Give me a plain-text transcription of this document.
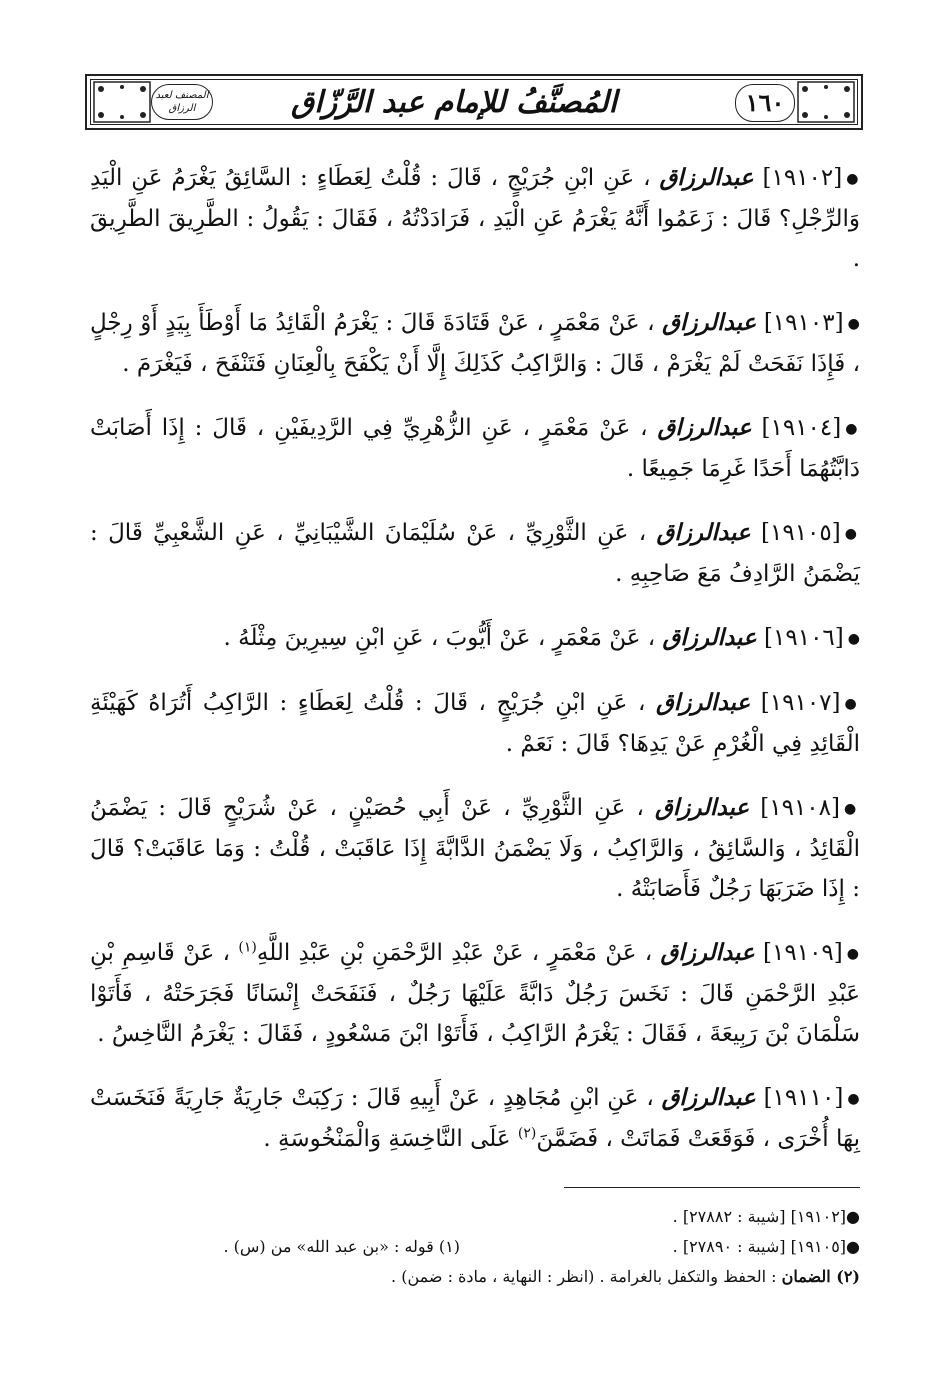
المصنف لعبد الرزاق	المُصنَّفُ للإمام عبد الرَّزّاق	١٦٠
●[١٩١٠٢] عبدالرزاق ، عَنِ ابْنِ جُرَيْجٍ ، قَالَ : قُلْتُ لِعَطَاءٍ : السَّائِقُ يَغْرَمُ عَنِ الْيَدِ وَالرِّجْلِ؟ قَالَ : زَعَمُوا أَنَّهُ يَغْرَمُ عَنِ الْيَدِ ، فَرَادَدْتُهُ ، فَقَالَ : يَقُولُ : الطَّرِيقَ الطَّرِيقَ .
●[١٩١٠٣] عبدالرزاق ، عَنْ مَعْمَرٍ ، عَنْ قَتَادَةَ قَالَ : يَغْرَمُ الْقَائِدُ مَا أَوْطَأَ بِيَدٍ أَوْ رِجْلٍ ، فَإِذَا نَفَحَتْ لَمْ يَغْرَمْ ، قَالَ : وَالرَّاكِبُ كَذَلِكَ إِلَّا أَنْ يَكْفَحَ بِالْعِنَانِ فَتَنْفَحَ ، فَيَغْرَمَ .
●[١٩١٠٤] عبدالرزاق ، عَنْ مَعْمَرٍ ، عَنِ الزُّهْرِيِّ فِي الرَّدِيفَيْنِ ، قَالَ : إِذَا أَصَابَتْ دَابَّتُهُمَا أَحَدًا غَرِمَا جَمِيعًا .
●[١٩١٠٥] عبدالرزاق ، عَنِ الثَّوْرِيِّ ، عَنْ سُلَيْمَانَ الشَّيْبَانِيِّ ، عَنِ الشَّعْبِيِّ قَالَ : يَضْمَنُ الرَّادِفُ مَعَ صَاحِبِهِ .
●[١٩١٠٦] عبدالرزاق ، عَنْ مَعْمَرٍ ، عَنْ أَيُّوبَ ، عَنِ ابْنِ سِيرِينَ مِثْلَهُ .
●[١٩١٠٧] عبدالرزاق ، عَنِ ابْنِ جُرَيْجٍ ، قَالَ : قُلْتُ لِعَطَاءٍ : الرَّاكِبُ أَتُرَاهُ كَهَيْئَةِ الْقَائِدِ فِي الْغُرْمِ عَنْ يَدِهَا؟ قَالَ : نَعَمْ .
●[١٩١٠٨] عبدالرزاق ، عَنِ الثَّوْرِيِّ ، عَنْ أَبِي حُصَيْنٍ ، عَنْ شُرَيْحٍ قَالَ : يَضْمَنُ الْقَائِدُ ، وَالسَّائِقُ ، وَالرَّاكِبُ ، وَلَا يَضْمَنُ الدَّابَّةَ إِذَا عَاقَبَتْ ، قُلْتُ : وَمَا عَاقَبَتْ؟ قَالَ : إِذَا ضَرَبَهَا رَجُلٌ فَأَصَابَتْهُ .
●[١٩١٠٩] عبدالرزاق ، عَنْ مَعْمَرٍ ، عَنْ عَبْدِ الرَّحْمَنِ بْنِ عَبْدِ اللَّهِ$^{(١)}$ ، عَنْ قَاسِمِ بْنِ عَبْدِ الرَّحْمَنِ قَالَ : نَخَسَ رَجُلٌ دَابَّةً عَلَيْهَا رَجُلٌ ، فَنَفَحَتْ إِنْسَانًا فَجَرَحَتْهُ ، فَأَتَوْا سَلْمَانَ بْنَ رَبِيعَةَ ، فَقَالَ : يَغْرَمُ الرَّاكِبُ ، فَأَتَوْا ابْنَ مَسْعُودٍ ، فَقَالَ : يَغْرَمُ النَّاخِسُ .
●[١٩١١٠] عبدالرزاق ، عَنِ ابْنِ مُجَاهِدٍ ، عَنْ أَبِيهِ قَالَ : رَكِبَتْ جَارِيَةٌ جَارِيَةً فَنَخَسَتْ بِهَا أُخْرَى ، فَوَقَعَتْ فَمَاتَتْ ، فَضَمَّنَ$^{(٢)}$ عَلَى النَّاخِسَةِ وَالْمَنْخُوسَةِ .
●[١٩١٠٢] [شيبة : ٢٧٨٨٢] .
●[١٩١٠٥] [شيبة : ٢٧٨٩٠] .
(١) قوله : «بن عبد الله» من (س) .
(٢) الضمان : الحفظ والتكفل بالغرامة . (انظر : النهاية ، مادة : ضمن) .
